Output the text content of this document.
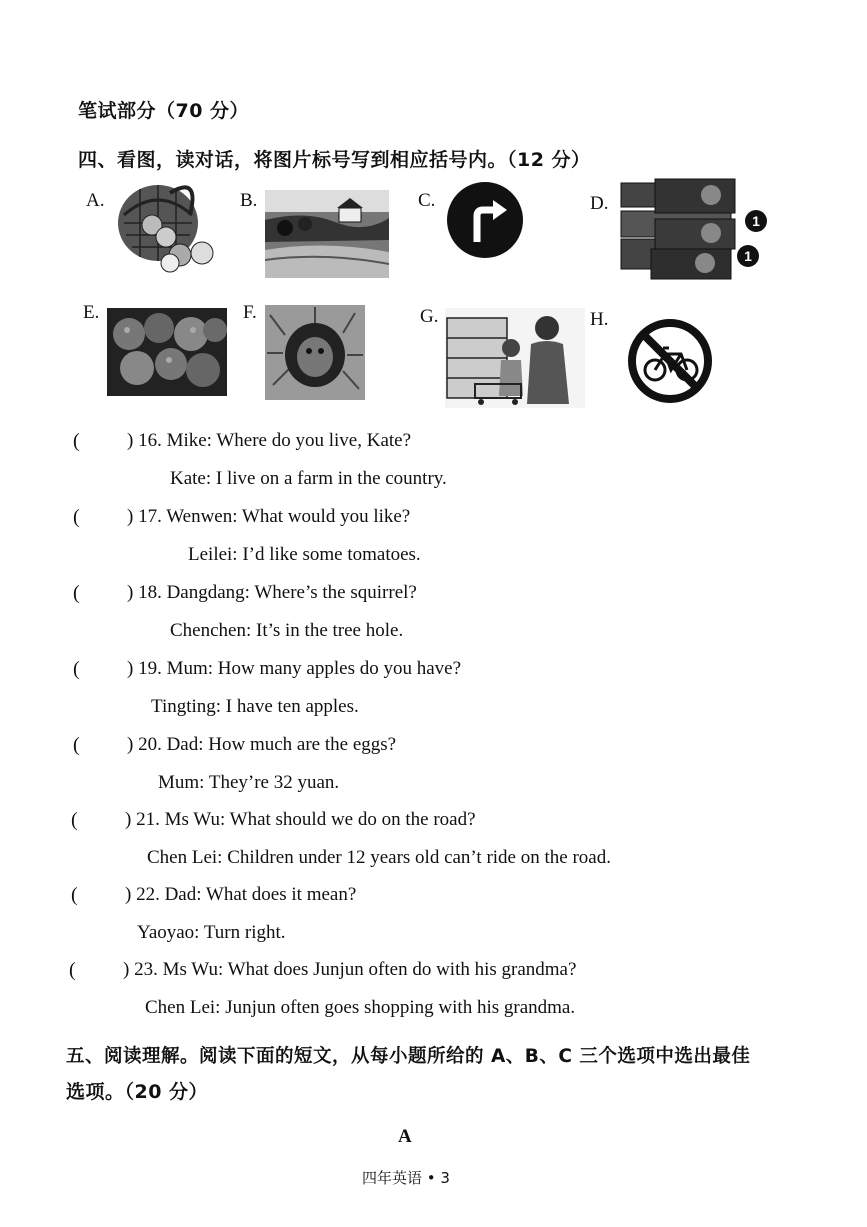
笔试部分（70 分）
四、看图，读对话，将图片标号写到相应括号内。（12 分）
A.	B.	C.	D.
1
1
E.	F.	G.	H.
( ) 16. Mike: Where do you live, Kate?
Kate: I live on a farm in the country.
( ) 17. Wenwen: What would you like?
Leilei: I’d like some tomatoes.
( ) 18. Dangdang: Where’s the squirrel?
Chenchen: It’s in the tree hole.
( ) 19. Mum: How many apples do you have?
Tingting: I have ten apples.
( ) 20. Dad: How much are the eggs?
Mum: They’re 32 yuan.
( ) 21. Ms Wu: What should we do on the road?
Chen Lei: Children under 12 years old can’t ride on the road.
( ) 22. Dad: What does it mean?
Yaoyao: Turn right.
( ) 23. Ms Wu: What does Junjun often do with his grandma?
Chen Lei: Junjun often goes shopping with his grandma.
五、阅读理解。阅读下面的短文，从每小题所给的 A、B、C 三个选项中选出最佳
选项。（20 分）
A
四年英语 • 3
